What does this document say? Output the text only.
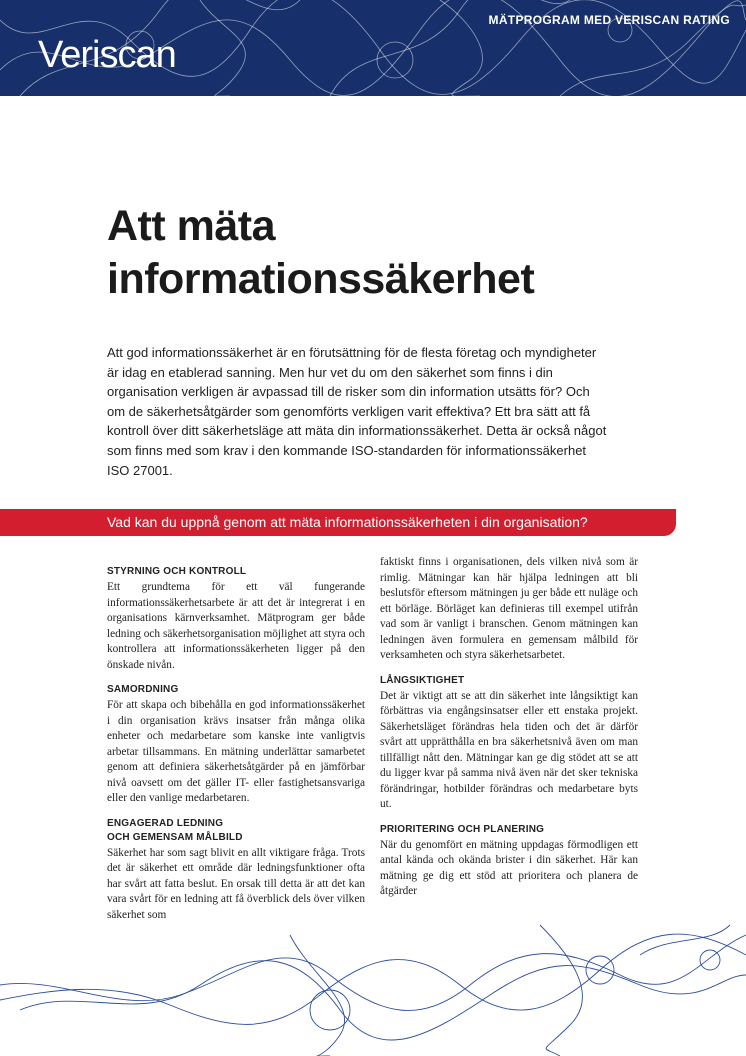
Veriscan
MÄTPROGRAM MED VERISCAN RATING
Att mäta
informationssäkerhet

Att god informationssäkerhet är en förutsättning för de flesta företag och myndigheter är idag en etablerad sanning. Men hur vet du om den säkerhet som finns i din organisation verkligen är avpassad till de risker som din information utsätts för? Och om de säkerhetsåtgärder som genomförts verkligen varit effektiva? Ett bra sätt att få kontroll över ditt säkerhetsläge att mäta din informationssäkerhet. Detta är också något som finns med som krav i den kommande ISO-standarden för informationssäkerhet ISO 27001.

Vad kan du uppnå genom att mäta informationssäkerheten i din organisation?
STYRNING OCH KONTROLL

Ett grundtema för ett väl fungerande informationssäkerhetsarbete är att det är integrerat i en organisations kärnverksamhet. Mätprogram ger både ledning och säkerhetsorganisation möjlighet att styra och kontrollera att informationssäkerheten ligger på den önskade nivån.

SAMORDNING

För att skapa och bibehålla en god informationssäkerhet i din organisation krävs insatser från många olika enheter och medarbetare som kanske inte vanligtvis arbetar tillsammans. En mätning underlättar samarbetet genom att definiera säkerhetsåtgärder på en jämförbar nivå oavsett om det gäller IT- eller fastighetsansvariga eller den vanlige medarbetaren.

ENGAGERAD LEDNING
OCH GEMENSAM MÅLBILD

Säkerhet har som sagt blivit en allt viktigare fråga. Trots det är säkerhet ett område där ledningsfunktioner ofta har svårt att fatta beslut. En orsak till detta är att det kan vara svårt för en ledning att få överblick dels över vilken säkerhet som

faktiskt finns i organisationen, dels vilken nivå som är rimlig. Mätningar kan här hjälpa ledningen att bli beslutsför eftersom mätningen ju ger både ett nuläge och ett börläge. Börläget kan definieras till exempel utifrån vad som är vanligt i branschen. Genom mätningen kan ledningen även formulera en gemensam målbild för verksamheten och styra säkerhetsarbetet.

LÅNGSIKTIGHET

Det är viktigt att se att din säkerhet inte långsiktigt kan förbättras via engångsinsatser eller ett enstaka projekt. Säkerhetsläget förändras hela tiden och det är därför svårt att upprätthålla en bra säkerhetsnivå även om man tillfälligt nått den. Mätningar kan ge dig stödet att se att du ligger kvar på samma nivå även när det sker tekniska förändringar, hotbilder förändras och medarbetare byts ut.

PRIORITERING OCH PLANERING

När du genomfört en mätning uppdagas förmodligen ett antal kända och okända brister i din säkerhet. Här kan mätning ge dig ett stöd att prioritera och planera de åtgärder
